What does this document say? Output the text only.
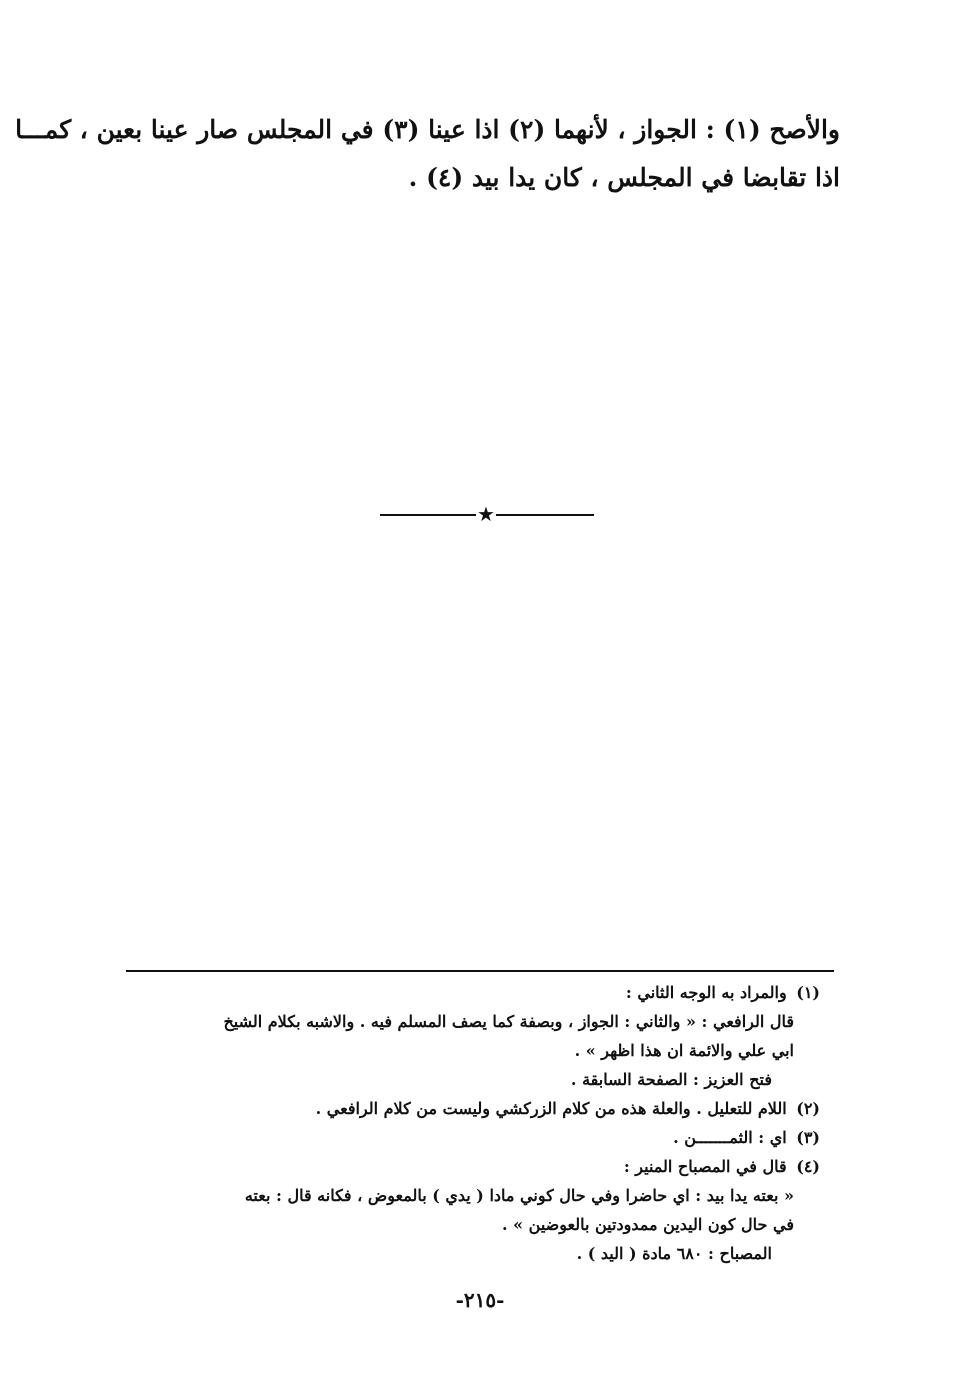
والأصح (١) : الجواز ، لأنهما (٢) اذا عينا (٣) في المجلس صار عينا بعين ، كمـــا

اذا تقابضا في المجلس ، كان يدا بيد (٤) .

★

(١) والمراد به الوجه الثاني :

قال الرافعي : « والثاني : الجواز ، وبصفة كما يصف المسلم فيه . والاشبه بكلام الشيخ

ابي علي والائمة ان هذا اظهر » .

فتح العزيز : الصفحة السابقة .

(٢) اللام للتعليل . والعلة هذه من كلام الزركشي وليست من كلام الرافعي .

(٣) اي : الثمـــــــن .

(٤) قال في المصباح المنير :

« بعته يدا بيد : اي حاضرا وفي حال كوني مادا ( يدي ) بالمعوض ، فكانه قال : بعته

في حال كون اليدين ممدودتين بالعوضين » .

المصباح : ٦٨٠ مادة ( اليد ) .

-٢١٥-
